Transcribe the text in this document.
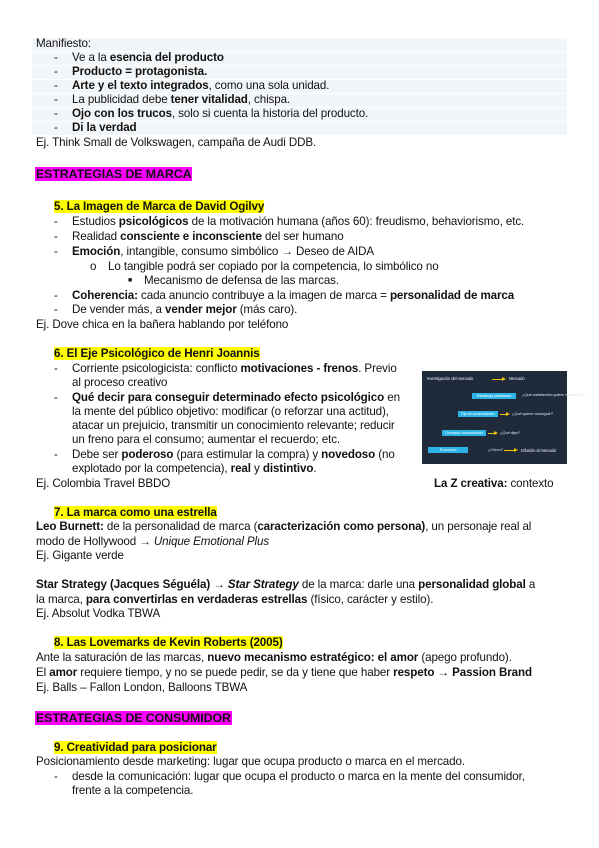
Manifiesto:
- Ve a la esencia del producto
- Producto = protagonista.
- Arte y el texto integrados, como una sola unidad.
- La publicidad debe tener vitalidad, chispa.
- Ojo con los trucos, solo si cuenta la historia del producto.
- Di la verdad
Ej. Think Small de Volkswagen, campaña de Audi DDB.
ESTRATEGIAS DE MARCA
5. La Imagen de Marca de David Ogilvy
- Estudios psicológicos de la motivación humana (años 60): freudismo, behaviorismo, etc.
- Realidad consciente e inconsciente del ser humano
- Emoción, intangible, consumo simbólico → Deseo de AIDA
o Lo tangible podrá ser copiado por la competencia, lo simbólico no
■ Mecanismo de defensa de las marcas.
- Coherencia: cada anuncio contribuye a la imagen de marca = personalidad de marca
- De vender más, a vender mejor (más caro).
Ej. Dove chica en la bañera hablando por teléfono
6. El Eje Psicológico de Henri Joannis
- Corriente psicologicista: conflicto motivaciones - frenos. Previo
al proceso creativo
- Qué decir para conseguir determinado efecto psicológico en
la mente del público objetivo: modificar (o reforzar una actitud),
atacar un prejuicio, transmitir un conocimiento relevante; reducir
un freno para el consumo; aumentar el recuerdo; etc.
- Debe ser poderoso (para estimular la compra) y novedoso (no
explotado por la competencia), real y distintivo.
Ej. Colombia Travel BBDO	La Z creativa: contexto
Investigación del mercado	Mercado
Estrategia publicitaria	¿Qué satisfacción quiero comunicar?
Eje de comunicación	¿Qué quiero conseguir?
Concepto comunicación	¿Qué digo?
El anuncio	¿Cómo?	Difusión al mercado
7. La marca como una estrella
Leo Burnett: de la personalidad de marca (caracterización como persona), un personaje real al
modo de Hollywood → Unique Emotional Plus
Ej. Gigante verde
Star Strategy (Jacques Séguéla) → Star Strategy de la marca: darle una personalidad global a
la marca, para convertirlas en verdaderas estrellas (físico, carácter y estilo).
Ej. Absolut Vodka TBWA
8. Las Lovemarks de Kevin Roberts (2005)
Ante la saturación de las marcas, nuevo mecanismo estratégico: el amor (apego profundo).
El amor requiere tiempo, y no se puede pedir, se da y tiene que haber respeto → Passion Brand
Ej. Balls – Fallon London, Balloons TBWA
ESTRATEGIAS DE CONSUMIDOR
9. Creatividad para posicionar
Posicionamiento desde marketing: lugar que ocupa producto o marca en el mercado.
- desde la comunicación: lugar que ocupa el producto o marca en la mente del consumidor,
frente a la competencia.
